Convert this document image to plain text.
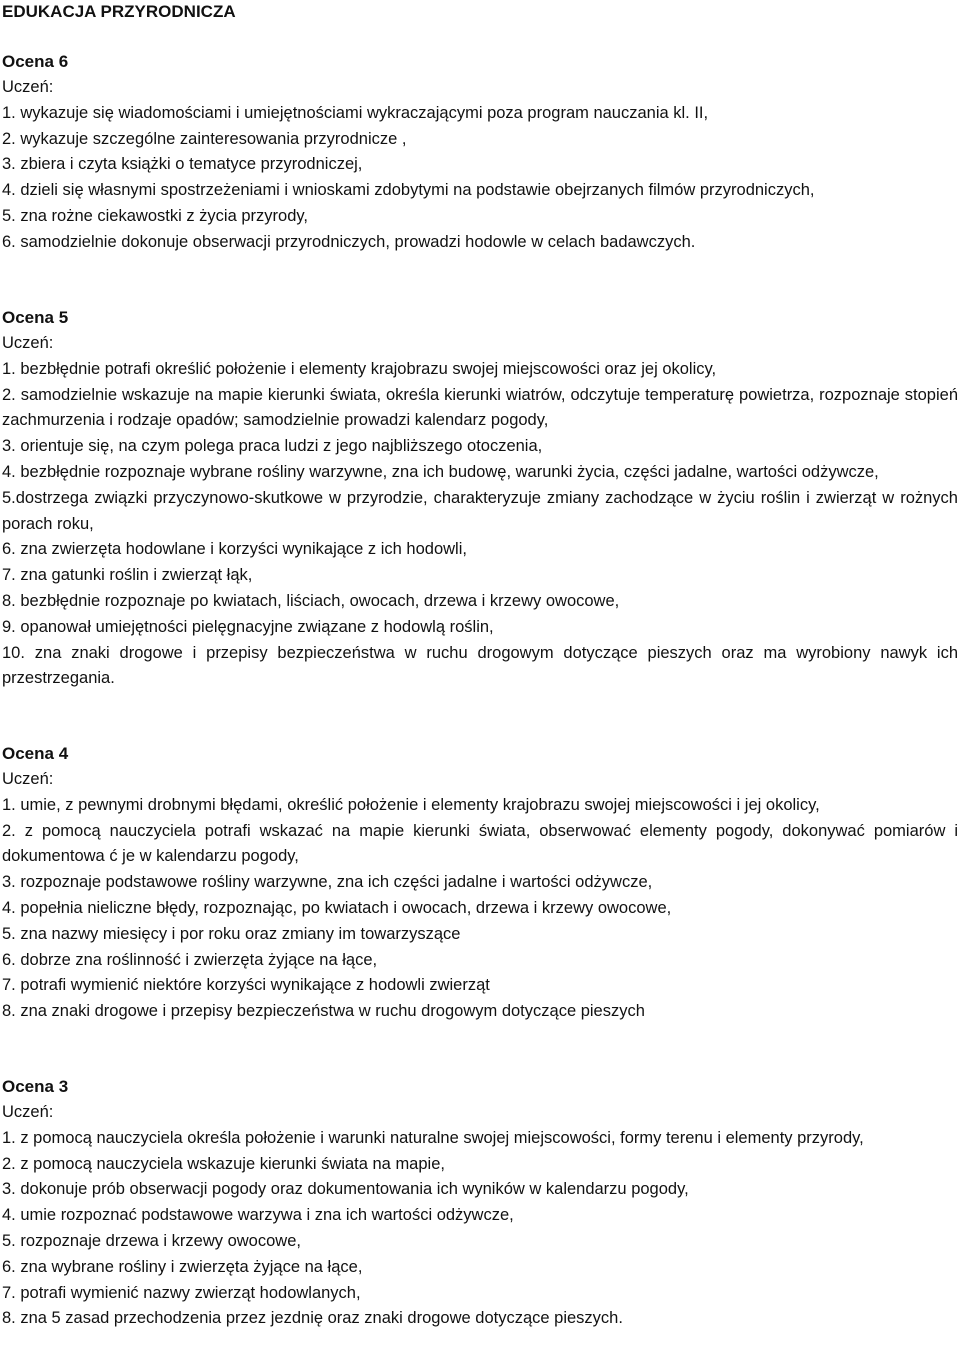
EDUKACJA PRZYRODNICZA
Ocena 6
Uczeń:

1. wykazuje się wiadomościami i umiejętnościami wykraczającymi poza program nauczania kl. II,

2. wykazuje szczególne zainteresowania przyrodnicze ,

3. zbiera i czyta książki o tematyce przyrodniczej,

4. dzieli się własnymi spostrzeżeniami i wnioskami zdobytymi na podstawie obejrzanych filmów przyrodniczych,

5. zna rożne ciekawostki z życia przyrody,

6. samodzielnie dokonuje obserwacji przyrodniczych, prowadzi hodowle w celach badawczych.

Ocena 5
Uczeń:

1. bezbłędnie potrafi określić położenie i elementy krajobrazu swojej miejscowości oraz jej okolicy,

2. samodzielnie wskazuje na mapie kierunki świata, określa kierunki wiatrów, odczytuje temperaturę powietrza, rozpoznaje stopień zachmurzenia i rodzaje opadów; samodzielnie prowadzi kalendarz pogody,

3. orientuje się, na czym polega praca ludzi z jego najbliższego otoczenia,

4. bezbłędnie rozpoznaje wybrane rośliny warzywne, zna ich budowę, warunki życia, części jadalne, wartości odżywcze,

5.dostrzega związki przyczynowo-skutkowe w przyrodzie, charakteryzuje zmiany zachodzące w życiu roślin i zwierząt w rożnych porach roku,

6. zna zwierzęta hodowlane i korzyści wynikające z ich hodowli,

7. zna gatunki roślin i zwierząt łąk,

8. bezbłędnie rozpoznaje po kwiatach, liściach, owocach, drzewa i krzewy owocowe,

9. opanował umiejętności pielęgnacyjne związane z hodowlą roślin,

10. zna znaki drogowe i przepisy bezpieczeństwa w ruchu drogowym dotyczące pieszych oraz ma wyrobiony nawyk ich przestrzegania.

Ocena 4
Uczeń:

1. umie, z pewnymi drobnymi błędami, określić położenie i elementy krajobrazu swojej miejscowości i jej okolicy,

2. z pomocą nauczyciela potrafi wskazać na mapie kierunki świata, obserwować elementy pogody, dokonywać pomiarów i dokumentowa ć je w kalendarzu pogody,

3. rozpoznaje podstawowe rośliny warzywne, zna ich części jadalne i wartości odżywcze,

4. popełnia nieliczne błędy, rozpoznając, po kwiatach i owocach, drzewa i krzewy owocowe,

5. zna nazwy miesięcy i por roku oraz zmiany im towarzyszące

6. dobrze zna roślinność i zwierzęta żyjące na łące,

7. potrafi wymienić niektóre korzyści wynikające z hodowli zwierząt

8. zna znaki drogowe i przepisy bezpieczeństwa w ruchu drogowym dotyczące pieszych

Ocena 3
Uczeń:

1. z pomocą nauczyciela określa położenie i warunki naturalne swojej miejscowości, formy terenu i elementy przyrody,

2. z pomocą nauczyciela wskazuje kierunki świata na mapie,

3. dokonuje prób obserwacji pogody oraz dokumentowania ich wyników w kalendarzu pogody,

4. umie rozpoznać podstawowe warzywa i zna ich wartości odżywcze,

5. rozpoznaje drzewa i krzewy owocowe,

6. zna wybrane rośliny i zwierzęta żyjące na łące,

7. potrafi wymienić nazwy zwierząt hodowlanych,

8. zna 5 zasad przechodzenia przez jezdnię oraz znaki drogowe dotyczące pieszych.
